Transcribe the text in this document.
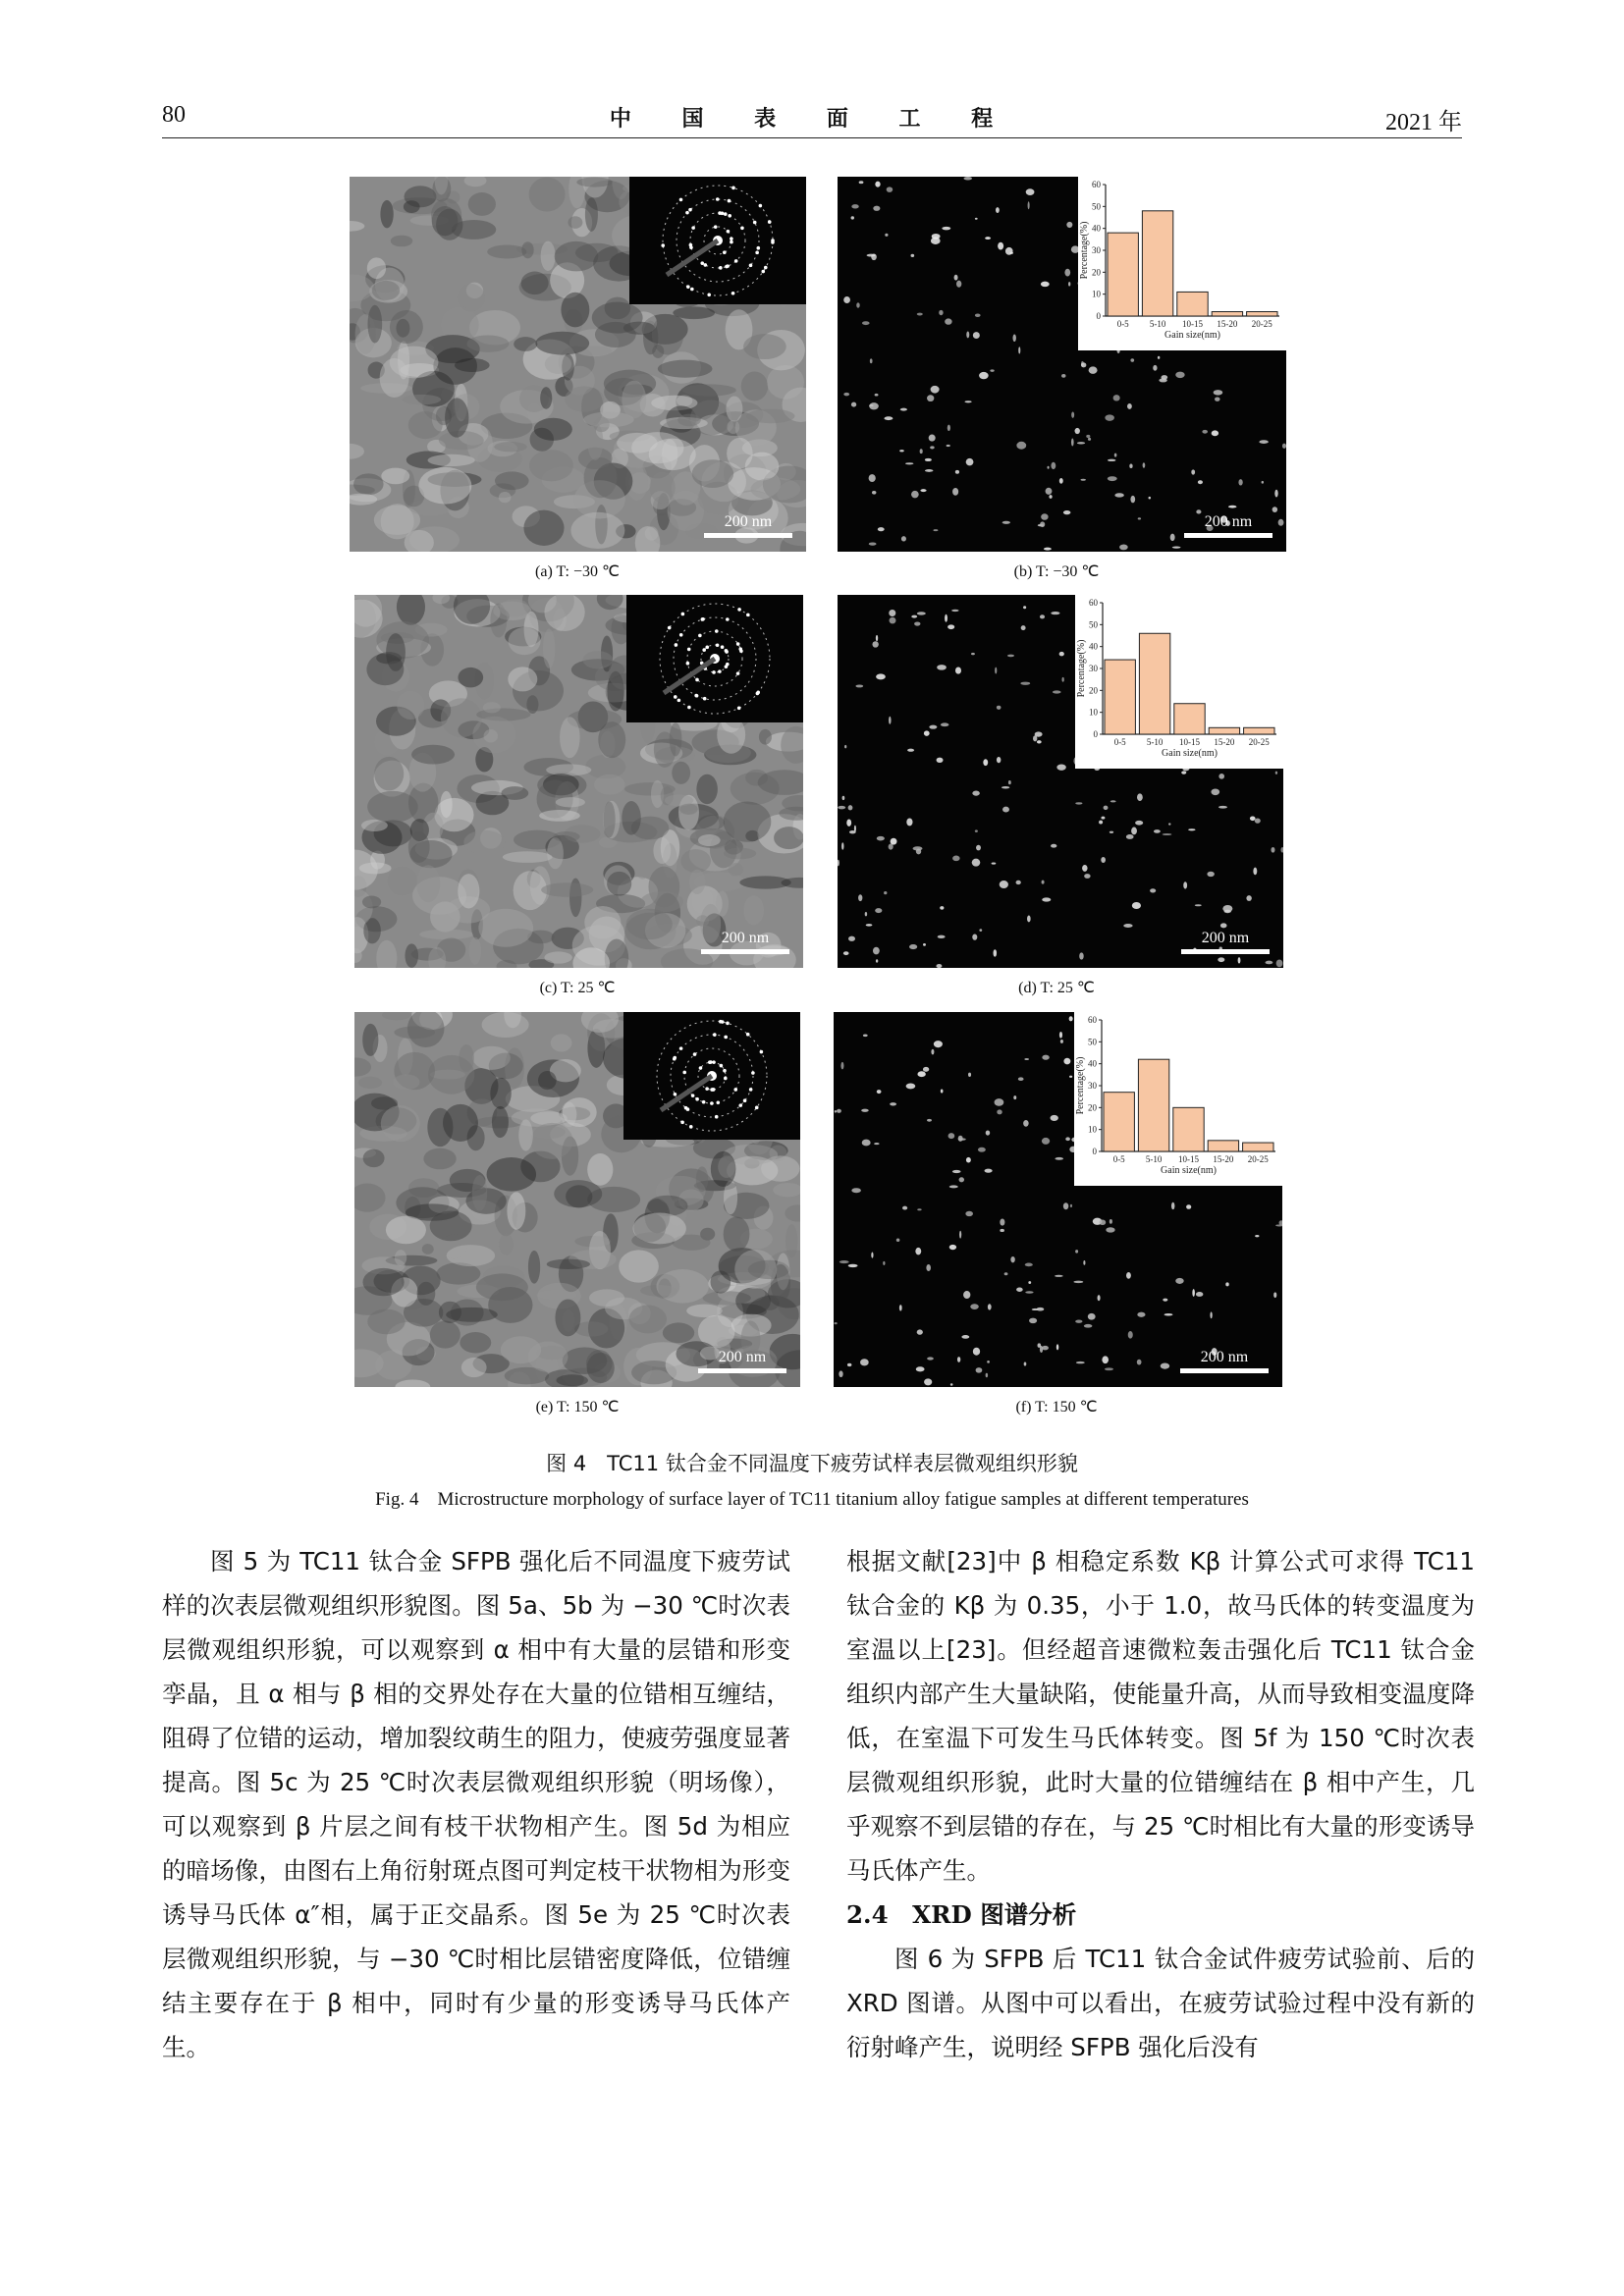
80	中 国 表 面 工 程	2021 年
200 nm	200 nm
0
10
20
30
40
50
60
0-5 5-10 10-15 15-20 20-25
Gain size(nm)
Percentage(%)
(a) T: −30 ℃	(b) T: −30 ℃
200 nm	200 nm
0
10
20
30
40
50
60
0-5 5-10 10-15 15-20 20-25
Gain size(nm)
Percentage(%)
(c) T: 25 ℃	(d) T: 25 ℃
200 nm	200 nm
0
10
20
30
40
50
60
0-5 5-10 10-15 15-20 20-25
Gain size(nm)
Percentage(%)
(e) T: 150 ℃	(f) T: 150 ℃
图 4　TC11 钛合金不同温度下疲劳试样表层微观组织形貌
Fig. 4　Microstructure morphology of surface layer of TC11 titanium alloy fatigue samples at different temperatures

图 5 为 TC11 钛合金 SFPB 强化后不同温度下疲劳试样的次表层微观组织形貌图。图 5a、5b 为 −30 ℃时次表层微观组织形貌，可以观察到 α 相中有大量的层错和形变孪晶，且 α 相与 β 相的交界处存在大量的位错相互缠结，阻碍了位错的运动，增加裂纹萌生的阻力，使疲劳强度显著提高。图 5c 为 25 ℃时次表层微观组织形貌（明场像），可以观察到 β 片层之间有枝干状物相产生。图 5d 为相应的暗场像，由图右上角衍射斑点图可判定枝干状物相为形变诱导马氏体 α″相，属于正交晶系。图 5e 为 25 ℃时次表层微观组织形貌，与 −30 ℃时相比层错密度降低，位错缠结主要存在于 β 相中，同时有少量的形变诱导马氏体产生。

根据文献[23]中 β 相稳定系数 Kβ 计算公式可求得 TC11 钛合金的 Kβ 为 0.35，小于 1.0，故马氏体的转变温度为室温以上[23]。但经超音速微粒轰击强化后 TC11 钛合金组织内部产生大量缺陷，使能量升高，从而导致相变温度降低，在室温下可发生马氏体转变。图 5f 为 150 ℃时次表层微观组织形貌，此时大量的位错缠结在 β 相中产生，几乎观察不到层错的存在，与 25 ℃时相比有大量的形变诱导马氏体产生。

2.4　XRD 图谱分析

图 6 为 SFPB 后 TC11 钛合金试件疲劳试验前、后的 XRD 图谱。从图中可以看出，在疲劳试验过程中没有新的衍射峰产生，说明经 SFPB 强化后没有
